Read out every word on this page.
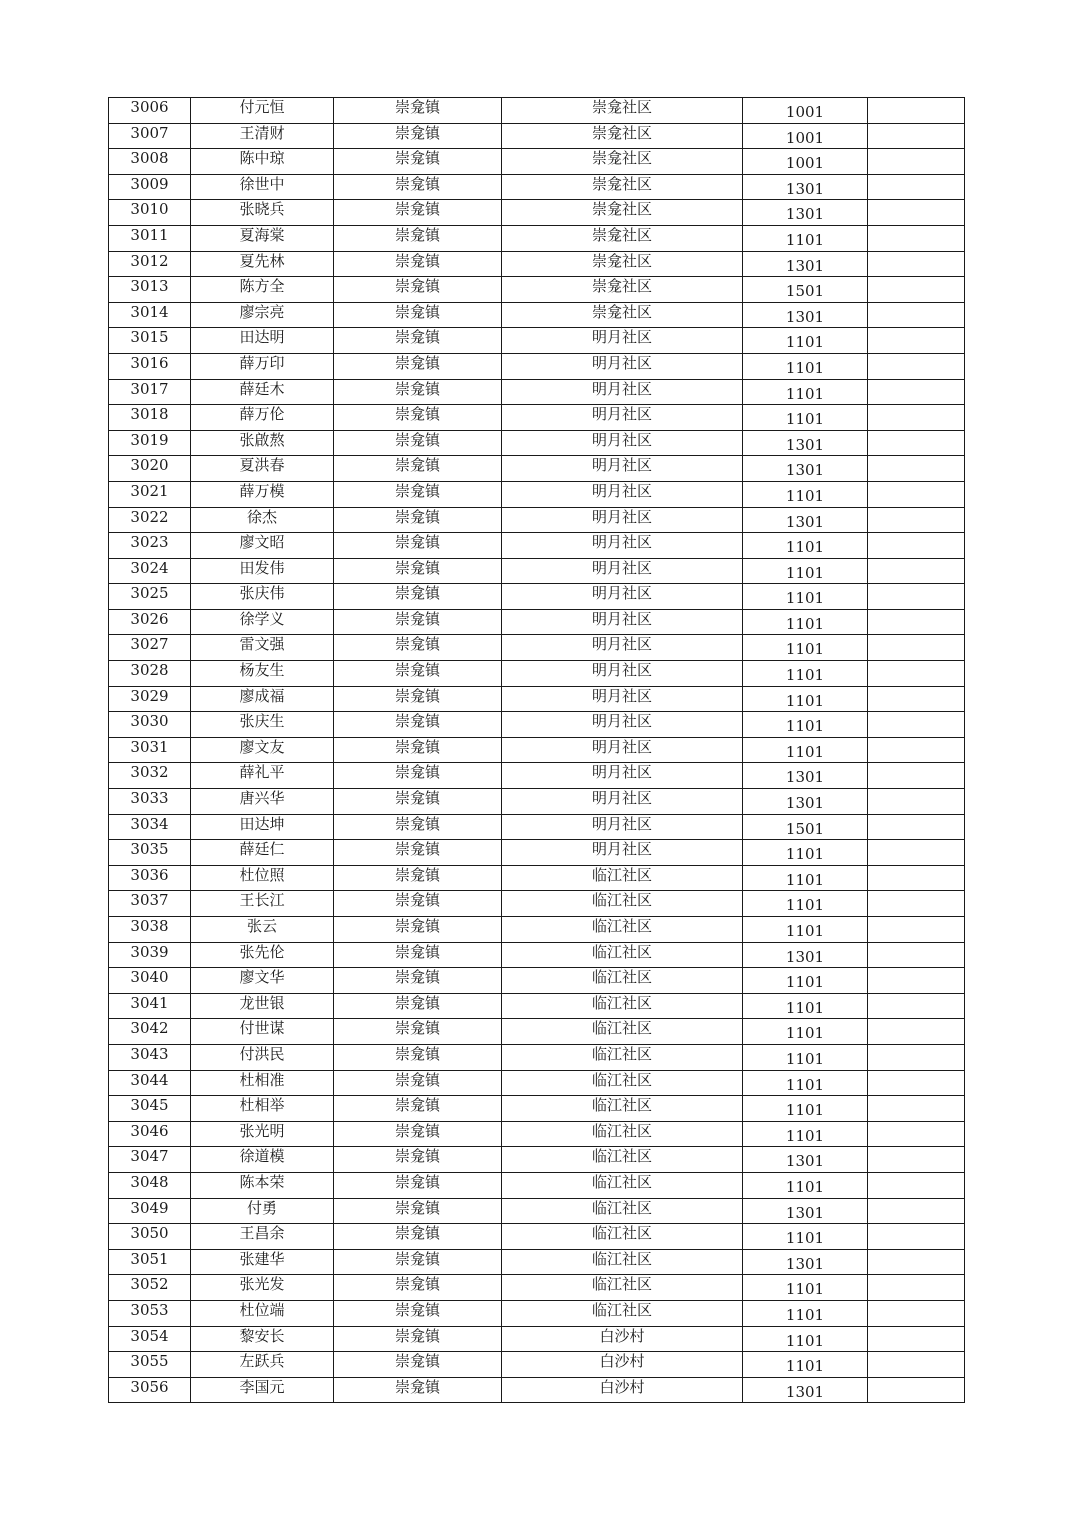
3006	付元恒	崇龛镇	崇龛社区	1001	
3007	王清财	崇龛镇	崇龛社区	1001	
3008	陈中琼	崇龛镇	崇龛社区	1001	
3009	徐世中	崇龛镇	崇龛社区	1301	
3010	张晓兵	崇龛镇	崇龛社区	1301	
3011	夏海棠	崇龛镇	崇龛社区	1101	
3012	夏先林	崇龛镇	崇龛社区	1301	
3013	陈方全	崇龛镇	崇龛社区	1501	
3014	廖宗亮	崇龛镇	崇龛社区	1301	
3015	田达明	崇龛镇	明月社区	1101	
3016	薛万印	崇龛镇	明月社区	1101	
3017	薛廷木	崇龛镇	明月社区	1101	
3018	薛万伦	崇龛镇	明月社区	1101	
3019	张啟熬	崇龛镇	明月社区	1301	
3020	夏洪春	崇龛镇	明月社区	1301	
3021	薛万模	崇龛镇	明月社区	1101	
3022	徐杰	崇龛镇	明月社区	1301	
3023	廖文昭	崇龛镇	明月社区	1101	
3024	田发伟	崇龛镇	明月社区	1101	
3025	张庆伟	崇龛镇	明月社区	1101	
3026	徐学义	崇龛镇	明月社区	1101	
3027	雷文强	崇龛镇	明月社区	1101	
3028	杨友生	崇龛镇	明月社区	1101	
3029	廖成福	崇龛镇	明月社区	1101	
3030	张庆生	崇龛镇	明月社区	1101	
3031	廖文友	崇龛镇	明月社区	1101	
3032	薛礼平	崇龛镇	明月社区	1301	
3033	唐兴华	崇龛镇	明月社区	1301	
3034	田达坤	崇龛镇	明月社区	1501	
3035	薛廷仁	崇龛镇	明月社区	1101	
3036	杜位照	崇龛镇	临江社区	1101	
3037	王长江	崇龛镇	临江社区	1101	
3038	张云	崇龛镇	临江社区	1101	
3039	张先伦	崇龛镇	临江社区	1301	
3040	廖文华	崇龛镇	临江社区	1101	
3041	龙世银	崇龛镇	临江社区	1101	
3042	付世谋	崇龛镇	临江社区	1101	
3043	付洪民	崇龛镇	临江社区	1101	
3044	杜相准	崇龛镇	临江社区	1101	
3045	杜相举	崇龛镇	临江社区	1101	
3046	张光明	崇龛镇	临江社区	1101	
3047	徐道模	崇龛镇	临江社区	1301	
3048	陈本荣	崇龛镇	临江社区	1101	
3049	付勇	崇龛镇	临江社区	1301	
3050	王昌余	崇龛镇	临江社区	1101	
3051	张建华	崇龛镇	临江社区	1301	
3052	张光发	崇龛镇	临江社区	1101	
3053	杜位端	崇龛镇	临江社区	1101	
3054	黎安长	崇龛镇	白沙村	1101	
3055	左跃兵	崇龛镇	白沙村	1101	
3056	李国元	崇龛镇	白沙村	1301	
